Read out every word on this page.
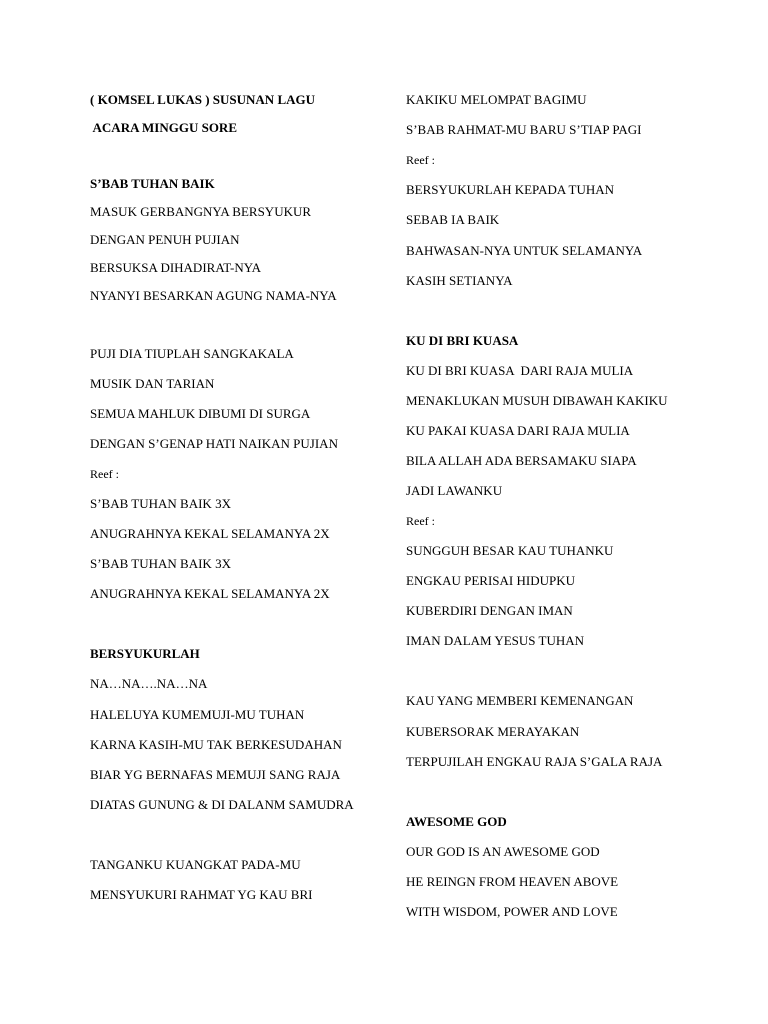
( KOMSEL LUKAS ) SUSUNAN LAGU
ACARA MINGGU SORE
S’BAB TUHAN BAIK
MASUK GERBANGNYA BERSYUKUR
DENGAN PENUH PUJIAN
BERSUKSA DIHADIRAT-NYA
NYANYI BESARKAN AGUNG NAMA-NYA
PUJI DIA TIUPLAH SANGKAKALA
MUSIK DAN TARIAN
SEMUA MAHLUK DIBUMI DI SURGA
DENGAN S’GENAP HATI NAIKAN PUJIAN
Reef :
S’BAB TUHAN BAIK 3X
ANUGRAHNYA KEKAL SELAMANYA 2X
S’BAB TUHAN BAIK 3X
ANUGRAHNYA KEKAL SELAMANYA 2X
BERSYUKURLAH
NA…NA….NA…NA
HALELUYA KUMEMUJI-MU TUHAN
KARNA KASIH-MU TAK BERKESUDAHAN
BIAR YG BERNAFAS MEMUJI SANG RAJA
DIATAS GUNUNG & DI DALANM SAMUDRA
TANGANKU KUANGKAT PADA-MU
MENSYUKURI RAHMAT YG KAU BRI
KAKIKU MELOMPAT BAGIMU
S’BAB RAHMAT-MU BARU S’TIAP PAGI
Reef :
BERSYUKURLAH KEPADA TUHAN
SEBAB IA BAIK
BAHWASAN-NYA UNTUK SELAMANYA
KASIH SETIANYA
KU DI BRI KUASA
KU DI BRI KUASA  DARI RAJA MULIA
MENAKLUKAN MUSUH DIBAWAH KAKIKU
KU PAKAI KUASA DARI RAJA MULIA
BILA ALLAH ADA BERSAMAKU SIAPA
JADI LAWANKU
Reef :
SUNGGUH BESAR KAU TUHANKU
ENGKAU PERISAI HIDUPKU
KUBERDIRI DENGAN IMAN
IMAN DALAM YESUS TUHAN
KAU YANG MEMBERI KEMENANGAN
KUBERSORAK MERAYAKAN
TERPUJILAH ENGKAU RAJA S’GALA RAJA
AWESOME GOD
OUR GOD IS AN AWESOME GOD
HE REINGN FROM HEAVEN ABOVE
WITH WISDOM, POWER AND LOVE
